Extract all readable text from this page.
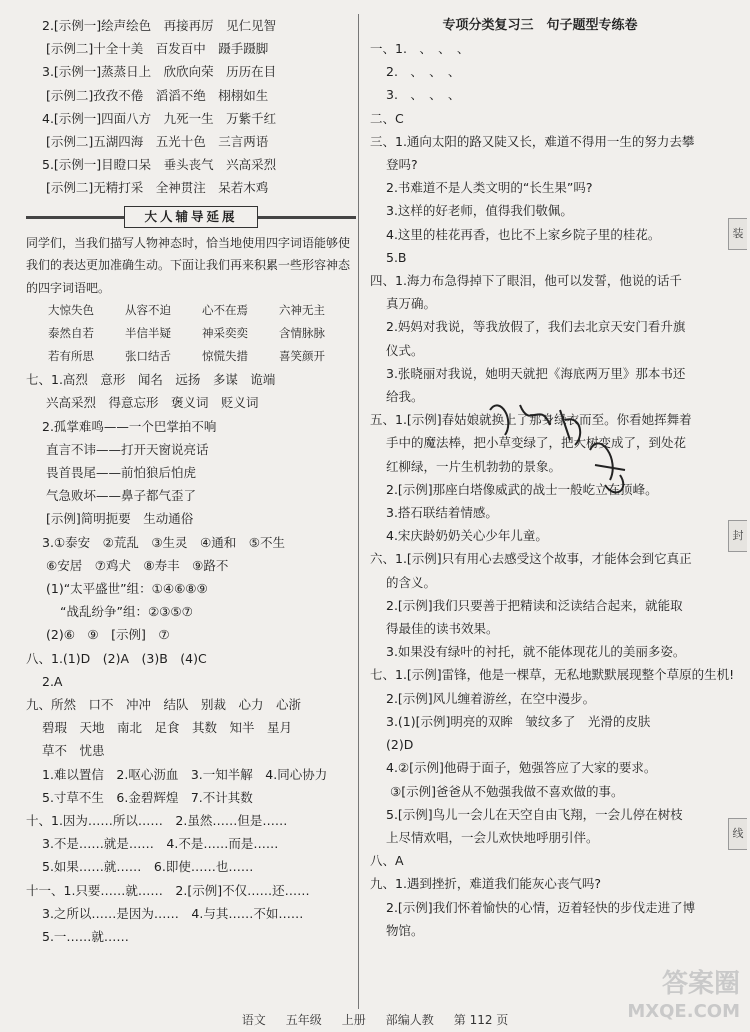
2.[示例一]绘声绘色　再接再厉　见仁见智
[示例二]十全十美　百发百中　蹑手蹑脚
3.[示例一]蒸蒸日上　欣欣向荣　历历在目
[示例二]孜孜不倦　滔滔不绝　栩栩如生
4.[示例一]四面八方　九死一生　万紫千红
[示例二]五湖四海　五光十色　三言两语
5.[示例一]目瞪口呆　垂头丧气　兴高采烈
[示例二]无精打采　全神贯注　呆若木鸡
大人辅导延展
同学们，当我们描写人物神态时，恰当地使用四字词语能够使我们的表达更加准确生动。下面让我们再来积累一些形容神态的四字词语吧。
大惊失色	从容不迫	心不在焉	六神无主
泰然自若	半信半疑	神采奕奕	含情脉脉
若有所思	张口结舌	惊慌失措	喜笑颜开
七、1.高烈　意形　闻名　远扬　多谋　诡端
兴高采烈　得意忘形　褒义词　贬义词
2.孤掌难鸣——一个巴掌拍不响
直言不讳——打开天窗说亮话
畏首畏尾——前怕狼后怕虎
气急败坏——鼻子都气歪了
[示例]简明扼要　生动通俗
3.①泰安　②荒乱　③生灵　④通和　⑤不生
⑥安居　⑦鸡犬　⑧寿丰　⑨路不
(1)“太平盛世”组：①④⑥⑧⑨
“战乱纷争”组：②③⑤⑦
(2)⑥　⑨　[示例]　⑦
八、1.(1)D　(2)A　(3)B　(4)C
2.A
九、所然　口不　冲冲　结队　别裁　心力　心浙
碧瑕　天地　南北　足食　其数　知半　星月
草不　忧患
1.难以置信　2.呕心沥血　3.一知半解　4.同心协力
5.寸草不生　6.金碧辉煌　7.不计其数
十、1.因为……所以……　2.虽然……但是……
3.不是……就是……　4.不是……而是……
5.如果……就……　6.即使……也……
十一、1.只要……就……　2.[示例]不仅……还……
3.之所以……是因为……　4.与其……不如……
5.一……就……
专项分类复习三　句子题型专练卷
一、1.　、　、　、
2.　、　、　、
3.　、　、　、
二、C
三、1.通向太阳的路又陡又长，难道不得用一生的努力去攀
登吗?
2.书难道不是人类文明的“长生果”吗?
3.这样的好老师，值得我们敬佩。
4.这里的桂花再香，也比不上家乡院子里的桂花。
5.B
四、1.海力布急得掉下了眼泪，他可以发誓，他说的话千
真万确。
2.妈妈对我说，等我放假了，我们去北京天安门看升旗
仪式。
3.张晓丽对我说，她明天就把《海底两万里》那本书还
给我。
五、1.[示例]春姑娘就换上了那身绿衣而至。你看她挥舞着
手中的魔法棒，把小草变绿了，把大树变成了，到处花
红柳绿，一片生机勃勃的景象。
2.[示例]那座白塔像威武的战士一般屹立在顶峰。
3.搭石联结着情感。
4.宋庆龄奶奶关心少年儿童。
六、1.[示例]只有用心去感受这个故事，才能体会到它真正
的含义。
2.[示例]我们只要善于把精读和泛读结合起来，就能取
得最佳的读书效果。
3.如果没有绿叶的衬托，就不能体现花儿的美丽多姿。
七、1.[示例]雷锋，他是一棵草，无私地默默展现整个草原的生机!
2.[示例]风儿缠着游丝，在空中漫步。
3.(1)[示例]明亮的双眸　皱纹多了　光滑的皮肤
(2)D
4.②[示例]他碍于面子，勉强答应了大家的要求。
③[示例]爸爸从不勉强我做不喜欢做的事。
5.[示例]鸟儿一会儿在天空自由飞翔，一会儿停在树枝
上尽情欢唱，一会儿欢快地呼朋引伴。
八、A
九、1.遇到挫折，难道我们能灰心丧气吗?
2.[示例]我们怀着愉快的心情，迈着轻快的步伐走进了博
物馆。
装
封
线
语文 五年级 上册 部编人教 第 112 页
答案圈
MXQE.COM
